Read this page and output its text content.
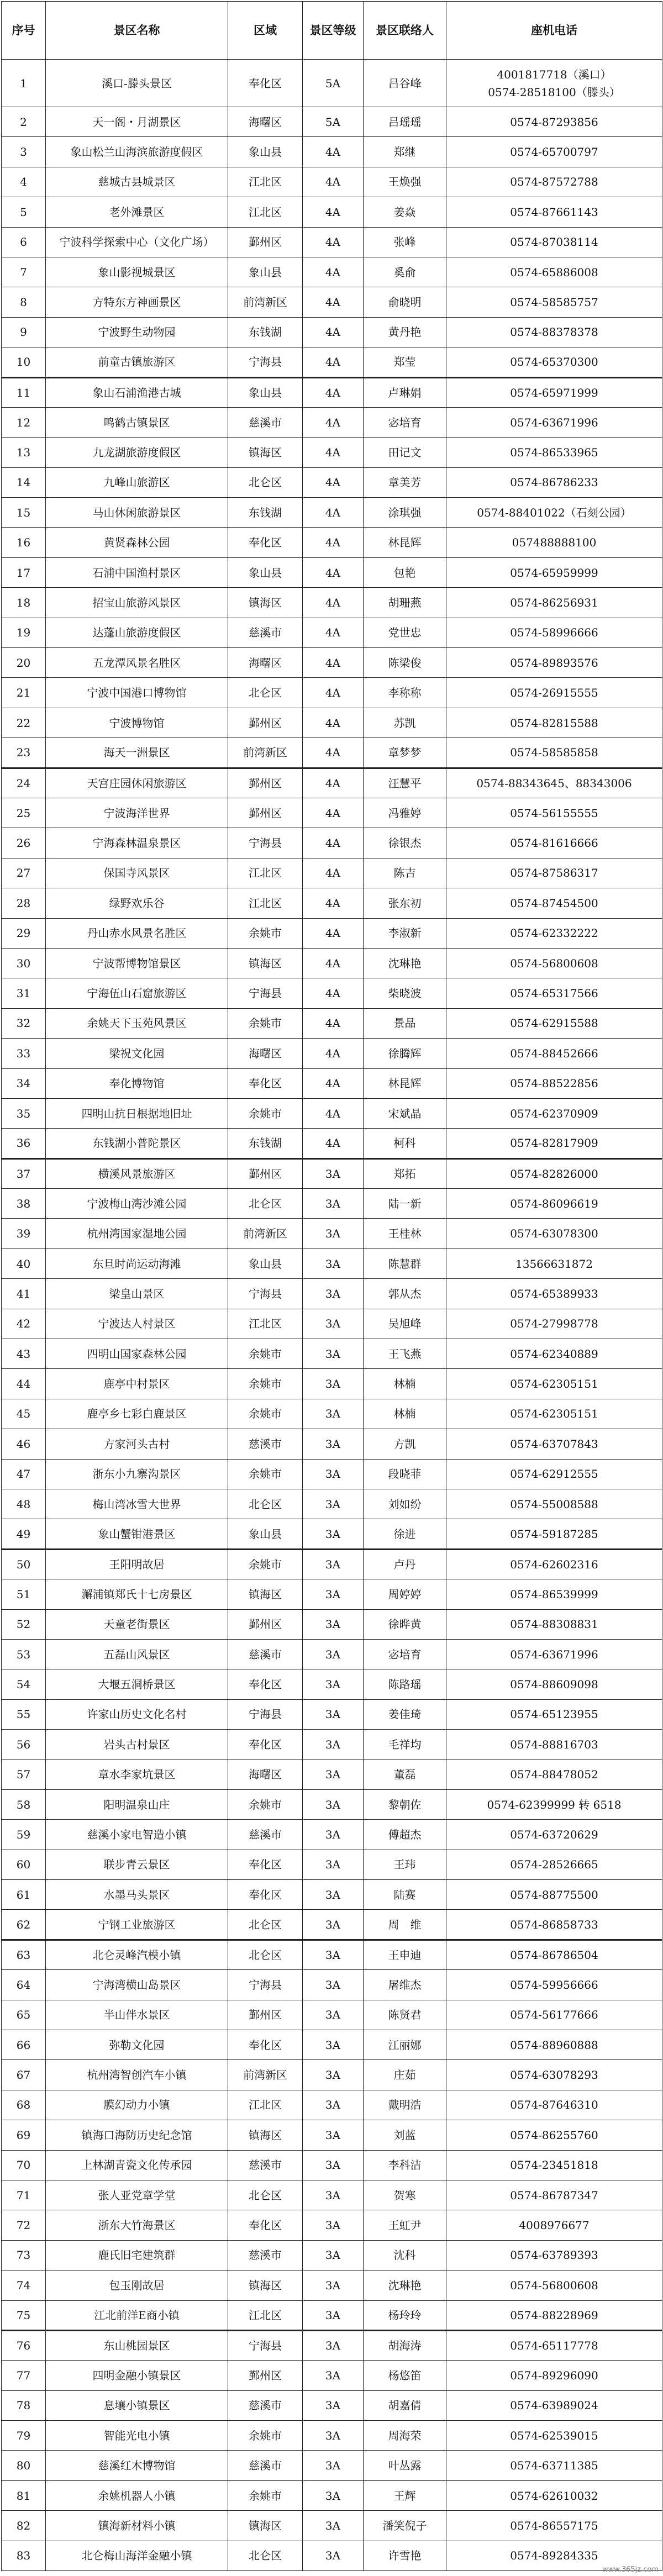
序号	景区名称	区域	景区等级	景区联络人	座机电话
1	溪口-滕头景区	奉化区	5A	吕谷峰	4001817718（溪口）
0574-28518100（滕头）
2	天一阁・月湖景区	海曙区	5A	吕瑶瑶	0574-87293856
3	象山松兰山海滨旅游度假区	象山县	4A	郑继	0574-65700797
4	慈城古县城景区	江北区	4A	王焕强	0574-87572788
5	老外滩景区	江北区	4A	姜焱	0574-87661143
6	宁波科学探索中心（文化广场）	鄞州区	4A	张峰	0574-87038114
7	象山影视城景区	象山县	4A	奚俞	0574-65886008
8	方特东方神画景区	前湾新区	4A	俞晓明	0574-58585757
9	宁波野生动物园	东钱湖	4A	黄丹艳	0574-88378378
10	前童古镇旅游区	宁海县	4A	郑莹	0574-65370300
11	象山石浦渔港古城	象山县	4A	卢琳娟	0574-65971999
12	鸣鹤古镇景区	慈溪市	4A	宓培育	0574-63671996
13	九龙湖旅游度假区	镇海区	4A	田记文	0574-86533965
14	九峰山旅游区	北仑区	4A	章美芳	0574-86786233
15	马山休闲旅游景区	东钱湖	4A	涂琪强	0574-88401022（石刻公园）
16	黄贤森林公园	奉化区	4A	林昆辉	057488888100
17	石浦中国渔村景区	象山县	4A	包艳	0574-65959999
18	招宝山旅游风景区	镇海区	4A	胡珊燕	0574-86256931
19	达蓬山旅游度假区	慈溪市	4A	党世忠	0574-58996666
20	五龙潭风景名胜区	海曙区	4A	陈梁俊	0574-89893576
21	宁波中国港口博物馆	北仑区	4A	李称称	0574-26915555
22	宁波博物馆	鄞州区	4A	苏凯	0574-82815588
23	海天一洲景区	前湾新区	4A	章梦梦	0574-58585858
24	天宫庄园休闲旅游区	鄞州区	4A	汪慧平	0574-88343645、88343006
25	宁波海洋世界	鄞州区	4A	冯雅婷	0574-56155555
26	宁海森林温泉景区	宁海县	4A	徐银杰	0574-81616666
27	保国寺风景区	江北区	4A	陈吉	0574-87586317
28	绿野欢乐谷	江北区	4A	张东初	0574-87454500
29	丹山赤水风景名胜区	余姚市	4A	李淑新	0574-62332222
30	宁波帮博物馆景区	镇海区	4A	沈琳艳	0574-56800608
31	宁海伍山石窟旅游区	宁海县	4A	柴晓波	0574-65317566
32	余姚天下玉苑风景区	余姚市	4A	景晶	0574-62915588
33	梁祝文化园	海曙区	4A	徐腾辉	0574-88452666
34	奉化博物馆	奉化区	4A	林昆辉	0574-88522856
35	四明山抗日根据地旧址	余姚市	4A	宋斌晶	0574-62370909
36	东钱湖小普陀景区	东钱湖	4A	柯科	0574-82817909
37	横溪风景旅游区	鄞州区	3A	郑拓	0574-82826000
38	宁波梅山湾沙滩公园	北仑区	3A	陆一新	0574-86096619
39	杭州湾国家湿地公园	前湾新区	3A	王桂林	0574-63078300
40	东旦时尚运动海滩	象山县	3A	陈慧群	13566631872
41	梁皇山景区	宁海县	3A	郭从杰	0574-65389933
42	宁波达人村景区	江北区	3A	吴旭峰	0574-27998778
43	四明山国家森林公园	余姚市	3A	王飞燕	0574-62340889
44	鹿亭中村景区	余姚市	3A	林楠	0574-62305151
45	鹿亭乡七彩白鹿景区	余姚市	3A	林楠	0574-62305151
46	方家河头古村	慈溪市	3A	方凯	0574-63707843
47	浙东小九寨沟景区	余姚市	3A	段晓菲	0574-62912555
48	梅山湾冰雪大世界	北仑区	3A	刘如纷	0574-55008588
49	象山蟹钳港景区	象山县	3A	徐进	0574-59187285
50	王阳明故居	余姚市	3A	卢丹	0574-62602316
51	澥浦镇郑氏十七房景区	镇海区	3A	周婷婷	0574-86539999
52	天童老街景区	鄞州区	3A	徐晔黄	0574-88308831
53	五磊山风景区	慈溪市	3A	宓培育	0574-63671996
54	大堰五洞桥景区	奉化区	3A	陈路瑶	0574-88609098
55	许家山历史文化名村	宁海县	3A	姜佳琦	0574-65123955
56	岩头古村景区	奉化区	3A	毛祥均	0574-88816703
57	章水李家坑景区	海曙区	3A	董磊	0574-88478052
58	阳明温泉山庄	余姚市	3A	黎朝佐	0574-62399999 转 6518
59	慈溪小家电智造小镇	慈溪市	3A	傅超杰	0574-63720629
60	联步青云景区	奉化区	3A	王玮	0574-28526665
61	水墨马头景区	奉化区	3A	陆赛	0574-88775500
62	宁钢工业旅游区	北仑区	3A	周　维	0574-86858733
63	北仑灵峰汽模小镇	北仑区	3A	王申迪	0574-86786504
64	宁海湾横山岛景区	宁海县	3A	屠维杰	0574-59956666
65	半山伴水景区	鄞州区	3A	陈贤君	0574-56177666
66	弥勒文化园	奉化区	3A	江丽娜	0574-88960888
67	杭州湾智创汽车小镇	前湾新区	3A	庄茹	0574-63078293
68	膜幻动力小镇	江北区	3A	戴明浩	0574-87646310
69	镇海口海防历史纪念馆	镇海区	3A	刘蓝	0574-86255760
70	上林湖青瓷文化传承园	慈溪市	3A	李科洁	0574-23451818
71	张人亚党章学堂	北仑区	3A	贺寒	0574-86787347
72	浙东大竹海景区	奉化区	3A	王虹尹	4008976677
73	鹿氏旧宅建筑群	慈溪市	3A	沈科	0574-63789393
74	包玉刚故居	镇海区	3A	沈琳艳	0574-56800608
75	江北前洋E商小镇	江北区	3A	杨玲玲	0574-88228969
76	东山桃园景区	宁海县	3A	胡海涛	0574-65117778
77	四明金融小镇景区	鄞州区	3A	杨悠笛	0574-89296090
78	息壤小镇景区	慈溪市	3A	胡嘉倩	0574-63989024
79	智能光电小镇	余姚市	3A	周海荣	0574-62539015
80	慈溪红木博物馆	慈溪市	3A	叶丛露	0574-63711385
81	余姚机器人小镇	余姚市	3A	王辉	0574-62610032
82	镇海新材料小镇	镇海区	3A	潘笑倪子	0574-86557175
83	北仑梅山海洋金融小镇	北仑区	3A	许雪艳	0574-89284335
www.365jz.com
